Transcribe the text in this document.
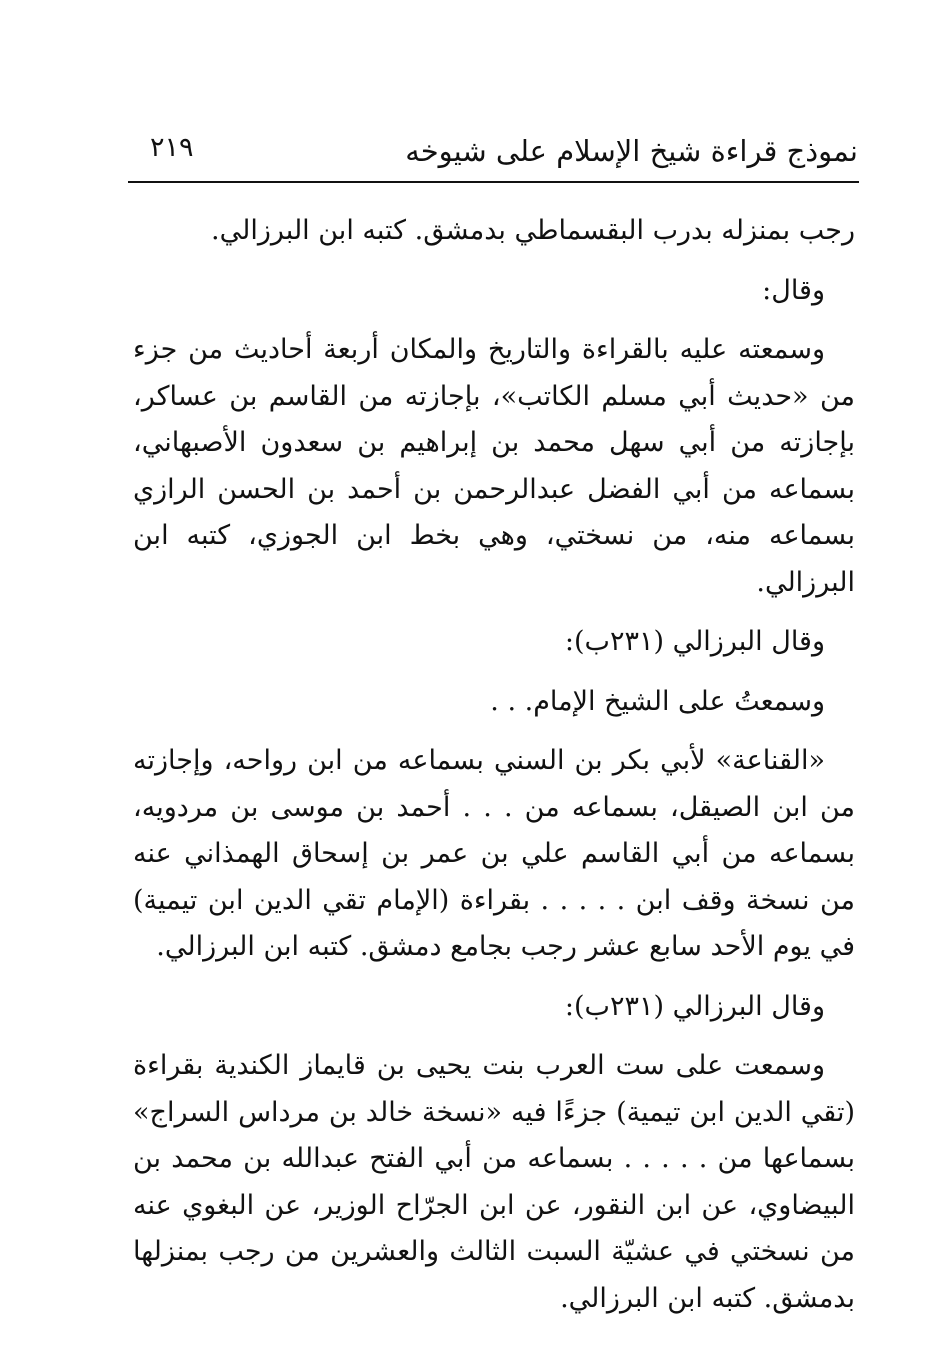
نموذج قراءة شيخ الإسلام على شيوخه
٢١٩

رجب بمنزله بدرب البقسماطي بدمشق. كتبه ابن البرزالي.

وقال:

وسمعته عليه بالقراءة والتاريخ والمكان أربعة أحاديث من جزء من «حديث أبي مسلم الكاتب»، بإجازته من القاسم بن عساكر، بإجازته من أبي سهل محمد بن إبراهيم بن سعدون الأصبهاني، بسماعه من أبي الفضل عبدالرحمن بن أحمد بن الحسن الرازي بسماعه منه، من نسختي، وهي بخط ابن الجوزي، كتبه ابن البرزالي.

وقال البرزالي (٢٣١ب):

وسمعتُ على الشيخ الإمام. . .

«القناعة» لأبي بكر بن السني بسماعه من ابن رواحه، وإجازته من ابن الصيقل، بسماعه من . . . أحمد بن موسى بن مردويه، بسماعه من أبي القاسم علي بن عمر بن إسحاق الهمذاني عنه من نسخة وقف ابن . . . . . بقراءة (الإمام تقي الدين ابن تيمية) في يوم الأحد سابع عشر رجب بجامع دمشق. كتبه ابن البرزالي.

وقال البرزالي (٢٣١ب):

وسمعت على ست العرب بنت يحيى بن قايماز الكندية بقراءة (تقي الدين ابن تيمية) جزءًا فيه «نسخة خالد بن مرداس السراج» بسماعها من . . . . . بسماعه من أبي الفتح عبدالله بن محمد بن البيضاوي، عن ابن النقور، عن ابن الجرّاح الوزير، عن البغوي عنه من نسختي في عشيّة السبت الثالث والعشرين من رجب بمنزلها بدمشق. كتبه ابن البرزالي.
